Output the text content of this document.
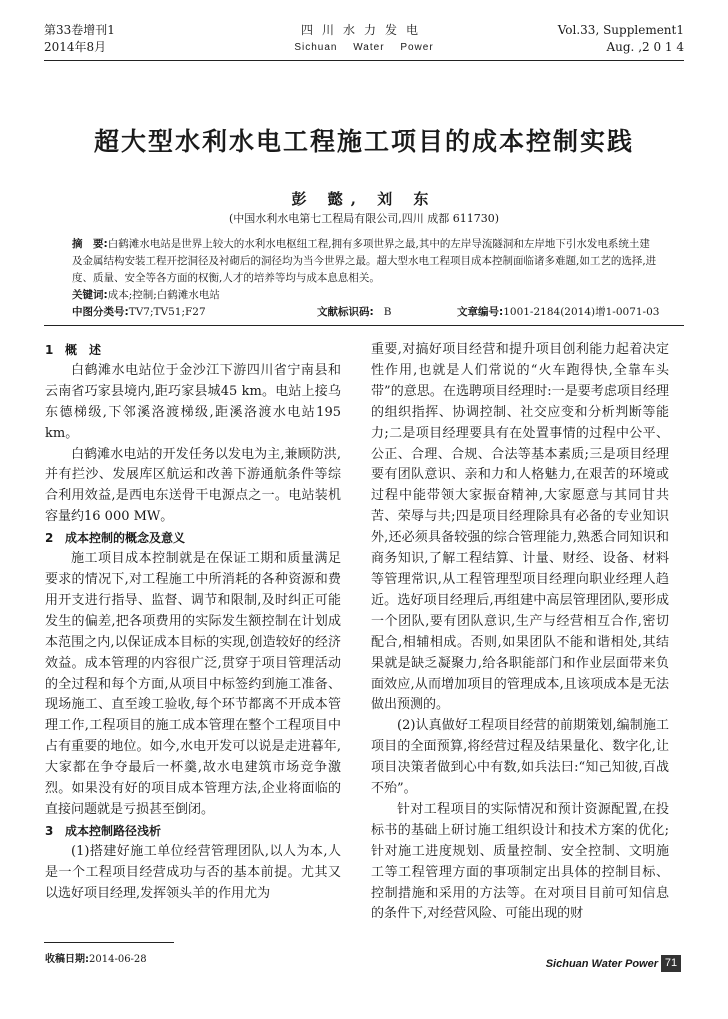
第33卷增刊1
2014年8月
四川水力发电
Sichuan Water Power
Vol.33, Supplement1
Aug. ,2 0 1 4
超大型水利水电工程施工项目的成本控制实践
彭 懿, 刘 东
(中国水利水电第七工程局有限公司,四川 成都 611730)
摘　要:白鹤滩水电站是世界上较大的水利水电枢纽工程,拥有多项世界之最,其中的左岸导流隧洞和左岸地下引水发电系统土建及金属结构安装工程开挖洞径及衬砌后的洞径均为当今世界之最。超大型水电工程项目成本控制面临诸多难题,如工艺的选择,进度、质量、安全等各方面的权衡,人才的培养等均与成本息息相关。
关键词:成本;控制;白鹤滩水电站
中图分类号: TV7;TV51;F27	文献标识码: B	文章编号: 1001-2184(2014)增1-0071-03
1 概　述

白鹤滩水电站位于金沙江下游四川省宁南县和云南省巧家县境内,距巧家县城45 km。电站上接乌东德梯级,下邻溪洛渡梯级,距溪洛渡水电站195 km。

白鹤滩水电站的开发任务以发电为主,兼顾防洪,并有拦沙、发展库区航运和改善下游通航条件等综合利用效益,是西电东送骨干电源点之一。电站装机容量约16 000 MW。

2 成本控制的概念及意义

施工项目成本控制就是在保证工期和质量满足要求的情况下,对工程施工中所消耗的各种资源和费用开支进行指导、监督、调节和限制,及时纠正可能发生的偏差,把各项费用的实际发生额控制在计划成本范围之内,以保证成本目标的实现,创造较好的经济效益。成本管理的内容很广泛,贯穿于项目管理活动的全过程和每个方面,从项目中标签约到施工准备、现场施工、直至竣工验收,每个环节都离不开成本管理工作,工程项目的施工成本管理在整个工程项目中占有重要的地位。如今,水电开发可以说是走进暮年,大家都在争夺最后一杯羹,故水电建筑市场竞争激烈。如果没有好的项目成本管理方法,企业将面临的直接问题就是亏损甚至倒闭。

3 成本控制路径浅析

(1)搭建好施工单位经营管理团队,以人为本,人是一个工程项目经营成功与否的基本前提。尤其又以选好项目经理,发挥领头羊的作用尤为

重要,对搞好项目经营和提升项目创利能力起着决定性作用,也就是人们常说的“火车跑得快,全靠车头带”的意思。在选聘项目经理时:一是要考虑项目经理的组织指挥、协调控制、社交应变和分析判断等能力;二是项目经理要具有在处置事情的过程中公平、公正、合理、合规、合法等基本素质;三是项目经理要有团队意识、亲和力和人格魅力,在艰苦的环境或过程中能带领大家振奋精神,大家愿意与其同甘共苦、荣辱与共;四是项目经理除具有必备的专业知识外,还必须具备较强的综合管理能力,熟悉合同知识和商务知识,了解工程结算、计量、财经、设备、材料等管理常识,从工程管理型项目经理向职业经理人趋近。选好项目经理后,再组建中高层管理团队,要形成一个团队,要有团队意识,生产与经营相互合作,密切配合,相辅相成。否则,如果团队不能和谐相处,其结果就是缺乏凝聚力,给各职能部门和作业层面带来负面效应,从而增加项目的管理成本,且该项成本是无法做出预测的。

(2)认真做好工程项目经营的前期策划,编制施工项目的全面预算,将经营过程及结果量化、数字化,让项目决策者做到心中有数,如兵法曰:“知己知彼,百战不殆”。

针对工程项目的实际情况和预计资源配置,在投标书的基础上研讨施工组织设计和技术方案的优化;针对施工进度规划、质量控制、安全控制、文明施工等工程管理方面的事项制定出具体的控制目标、控制措施和采用的方法等。在对项目目前可知信息的条件下,对经营风险、可能出现的财

收稿日期:2014-06-28	Sichuan Water Power 71
